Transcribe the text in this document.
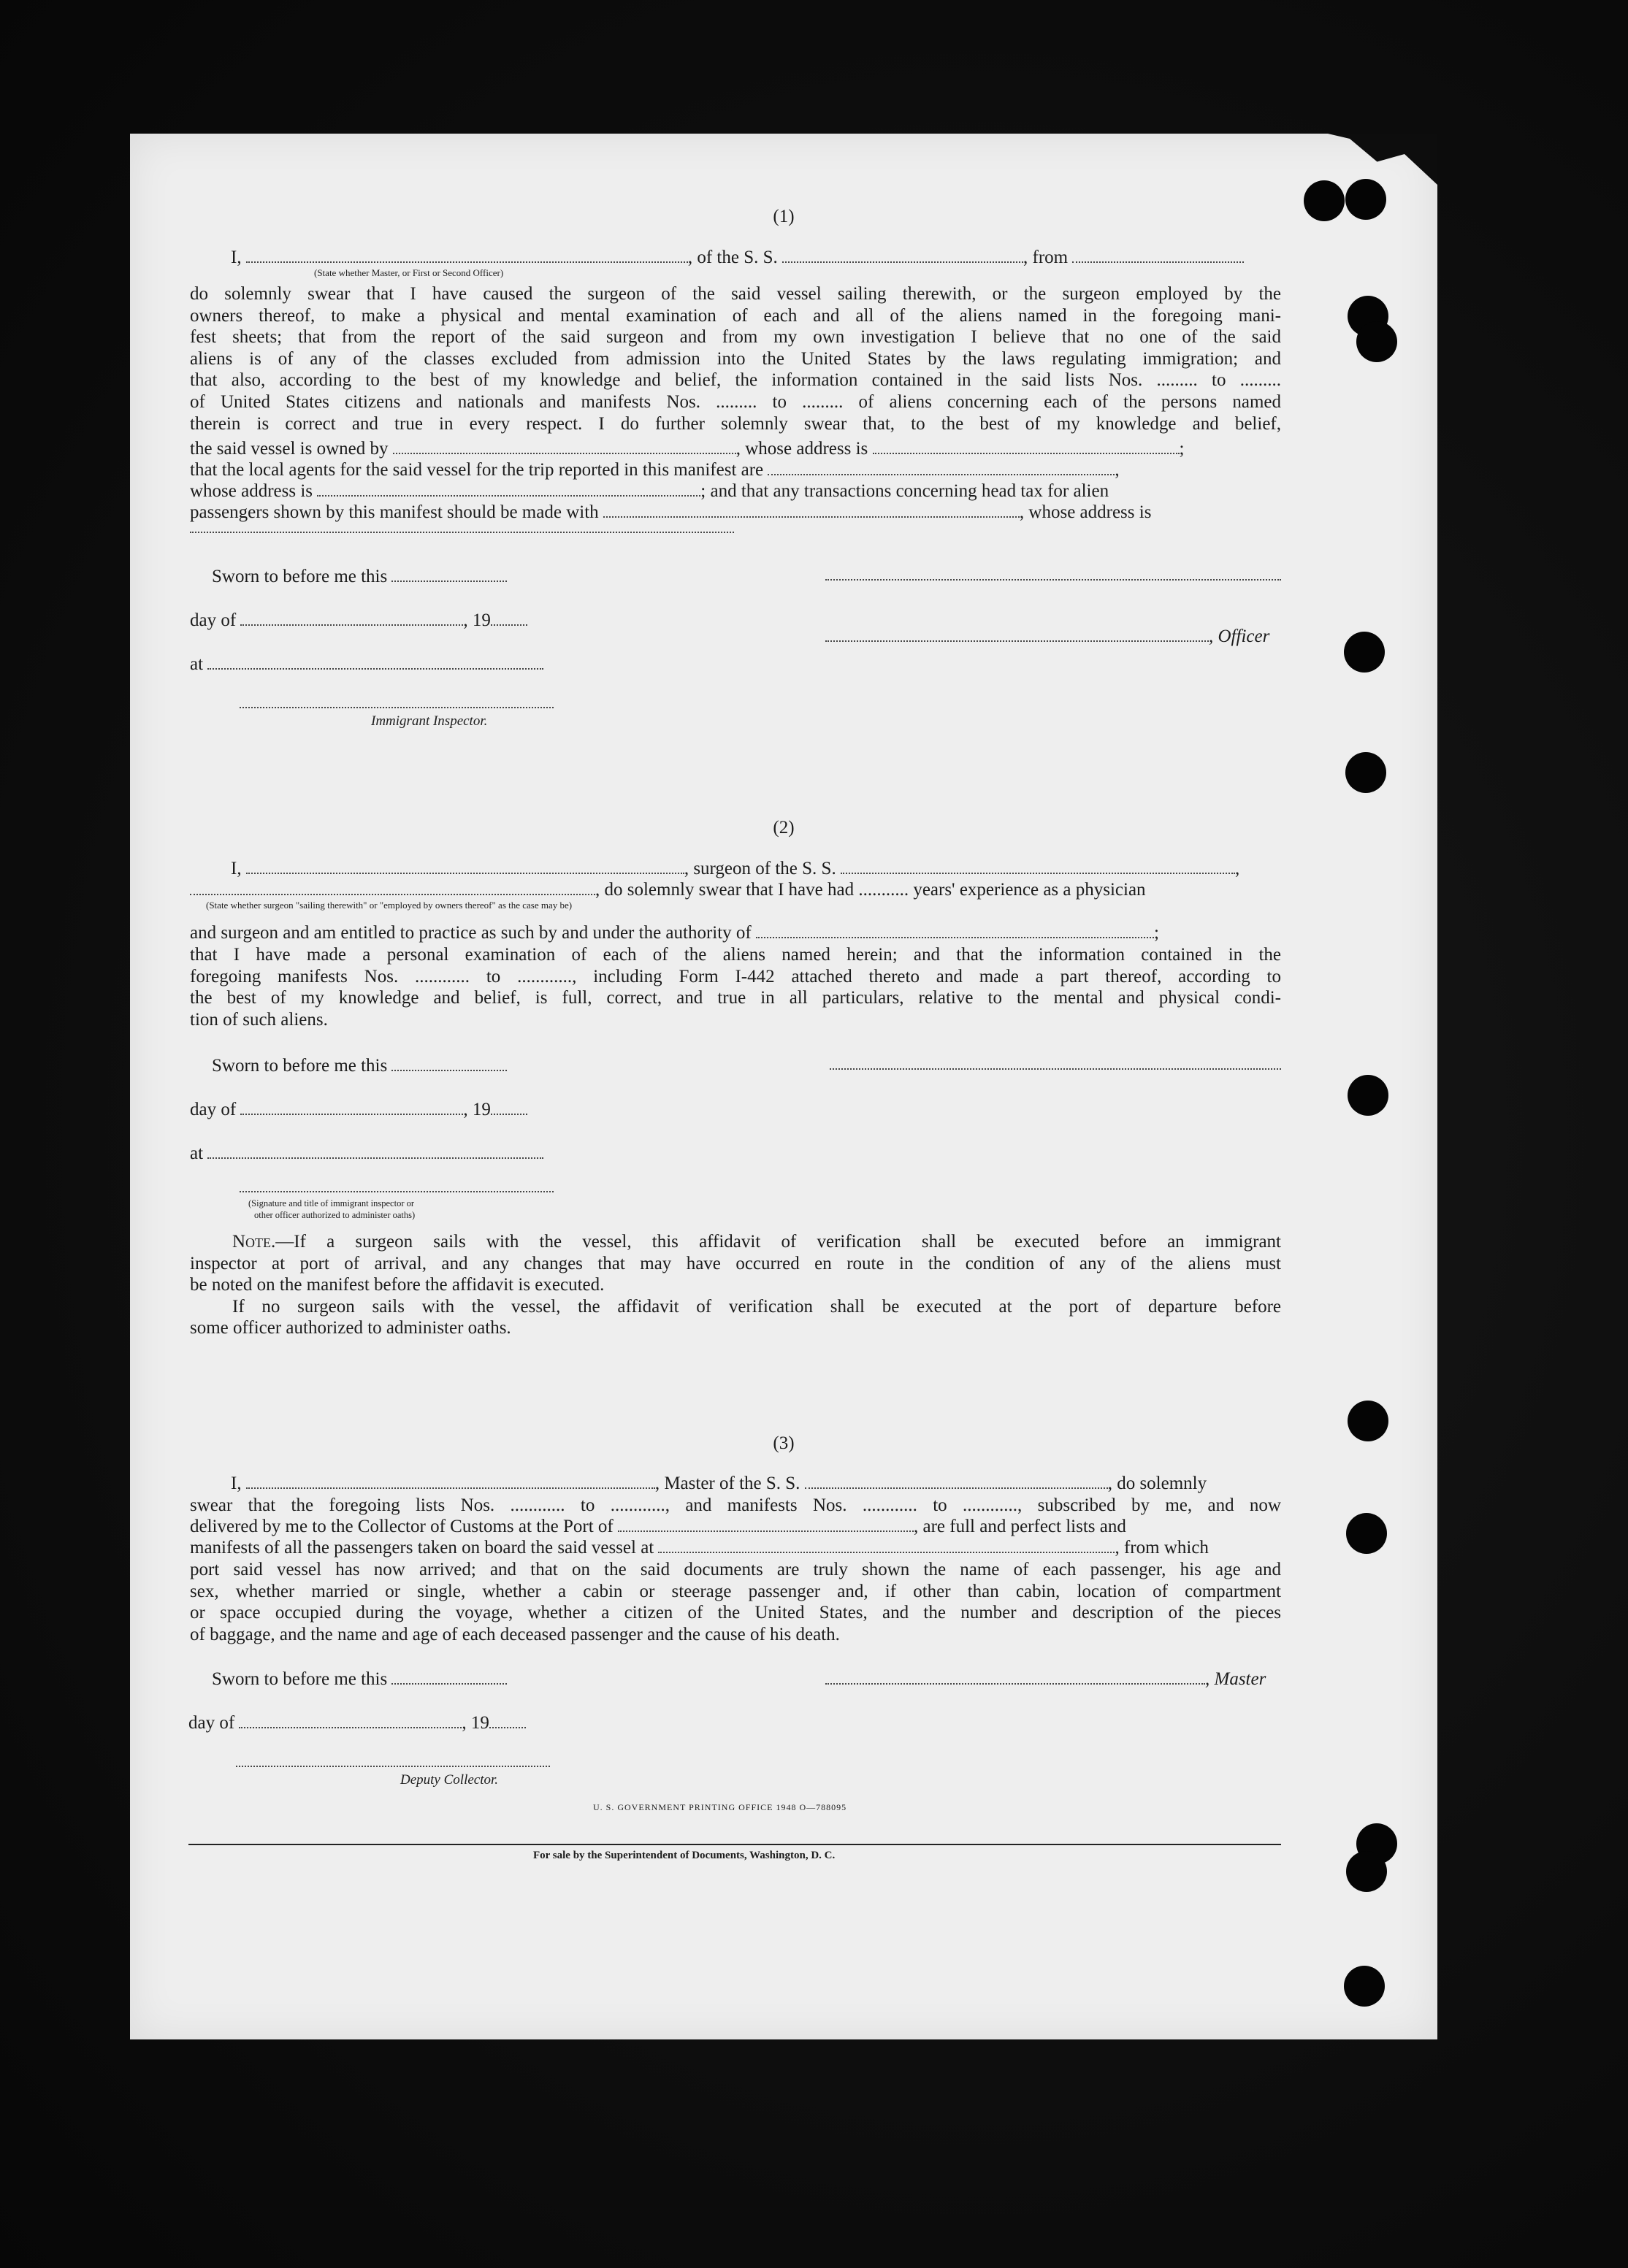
(1)
I,	, of the S. S.	, from
(State whether Master, or First or Second Officer)
do solemnly swear that I have caused the surgeon of the said vessel sailing therewith, or the surgeon employed by the
owners thereof, to make a physical and mental examination of each and all of the aliens named in the foregoing mani-
fest sheets; that from the report of the said surgeon and from my own investigation I believe that no one of the said
aliens is of any of the classes excluded from admission into the United States by the laws regulating immigration; and
that also, according to the best of my knowledge and belief, the information contained in the said lists Nos. ......... to .........
of United States citizens and nationals and manifests Nos. ......... to ......... of aliens concerning each of the persons named
therein is correct and true in every respect. I do further solemnly swear that, to the best of my knowledge and belief,
the said vessel is owned by	, whose address is	;
that the local agents for the said vessel for the trip reported in this manifest are	,
whose address is	; and that any transactions concerning head tax for alien
passengers shown by this manifest should be made with	, whose address is
Sworn to before me this
day of	, 19
, Officer
at
Immigrant Inspector.
(2)
I,	, surgeon of the S. S.	,
, do solemnly swear that I have had ........... years' experience as a physician
(State whether surgeon "sailing therewith" or "employed by owners thereof" as the case may be)
and surgeon and am entitled to practice as such by and under the authority of	;
that I have made a personal examination of each of the aliens named herein; and that the information contained in the
foregoing manifests Nos. ............ to ............, including Form I-442 attached thereto and made a part thereof, according to
the best of my knowledge and belief, is full, correct, and true in all particulars, relative to the mental and physical condi-
tion of such aliens.
Sworn to before me this
day of	, 19
at
(Signature and title of immigrant inspector or
other officer authorized to administer oaths)
Note.—If a surgeon sails with the vessel, this affidavit of verification shall be executed before an immigrant
inspector at port of arrival, and any changes that may have occurred en route in the condition of any of the aliens must
be noted on the manifest before the affidavit is executed.
If no surgeon sails with the vessel, the affidavit of verification shall be executed at the port of departure before
some officer authorized to administer oaths.
(3)
I,	, Master of the S. S.	, do solemnly
swear that the foregoing lists Nos. ............ to ............, and manifests Nos. ............ to ............, subscribed by me, and now
delivered by me to the Collector of Customs at the Port of	, are full and perfect lists and
manifests of all the passengers taken on board the said vessel at	, from which
port said vessel has now arrived; and that on the said documents are truly shown the name of each passenger, his age and
sex, whether married or single, whether a cabin or steerage passenger and, if other than cabin, location of compartment
or space occupied during the voyage, whether a citizen of the United States, and the number and description of the pieces
of baggage, and the name and age of each deceased passenger and the cause of his death.
Sworn to before me this	, Master
day of	, 19
Deputy Collector.
U. S. GOVERNMENT PRINTING OFFICE 1948 O—788095
For sale by the Superintendent of Documents, Washington, D. C.
